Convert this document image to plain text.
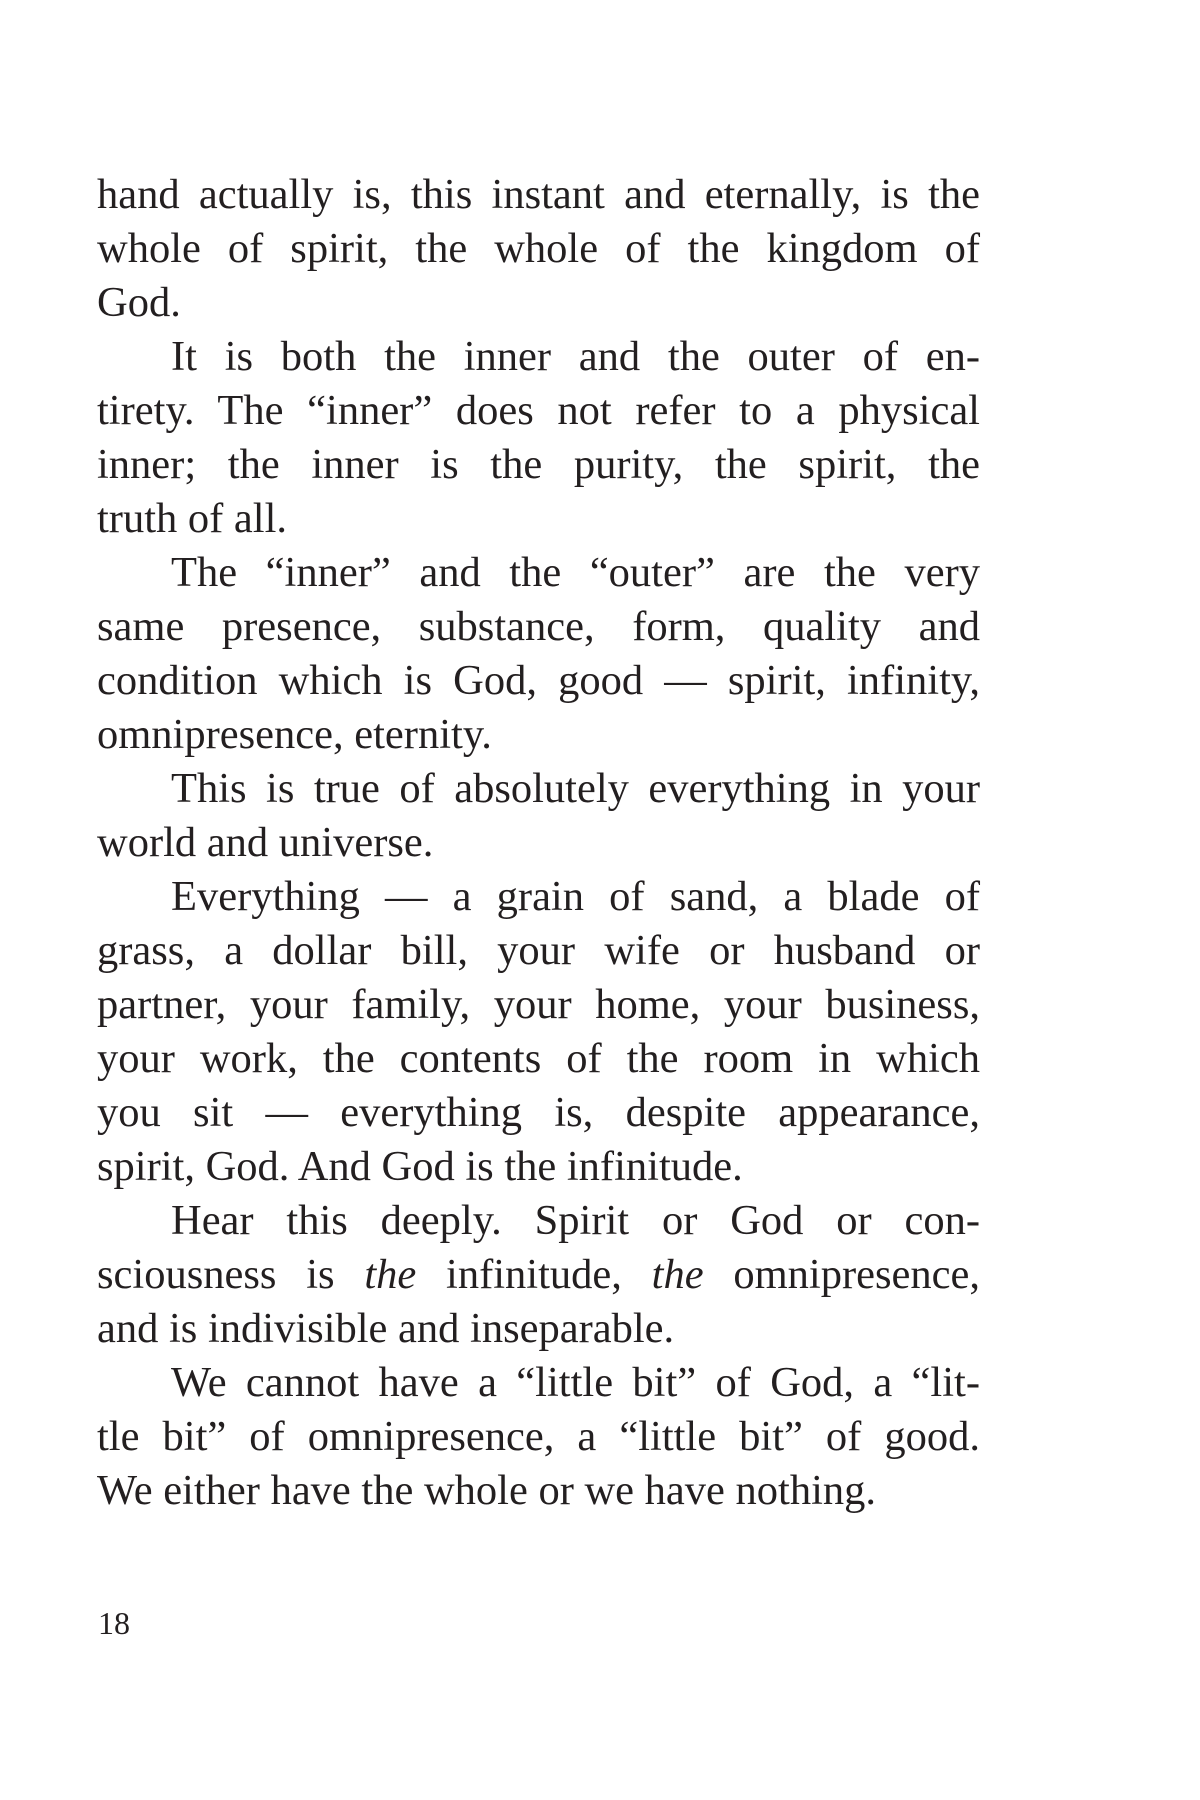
hand actually is, this instant and eternally, is the
whole of spirit, the whole of the kingdom of
God.
It is both the inner and the outer of en-
tirety. The “inner” does not refer to a physical
inner; the inner is the purity, the spirit, the
truth of all.
The “inner” and the “outer” are the very
same presence, substance, form, quality and
condition which is God, good — spirit, infinity,
omnipresence, eternity.
This is true of absolutely everything in your
world and universe.
Everything — a grain of sand, a blade of
grass, a dollar bill, your wife or husband or
partner, your family, your home, your business,
your work, the contents of the room in which
you sit — everything is, despite appearance,
spirit, God. And God is the infinitude.
Hear this deeply. Spirit or God or con-
sciousness is the infinitude, the omnipresence,
and is indivisible and inseparable.
We cannot have a “little bit” of God, a “lit-
tle bit” of omnipresence, a “little bit” of good.
We either have the whole or we have nothing.
18
